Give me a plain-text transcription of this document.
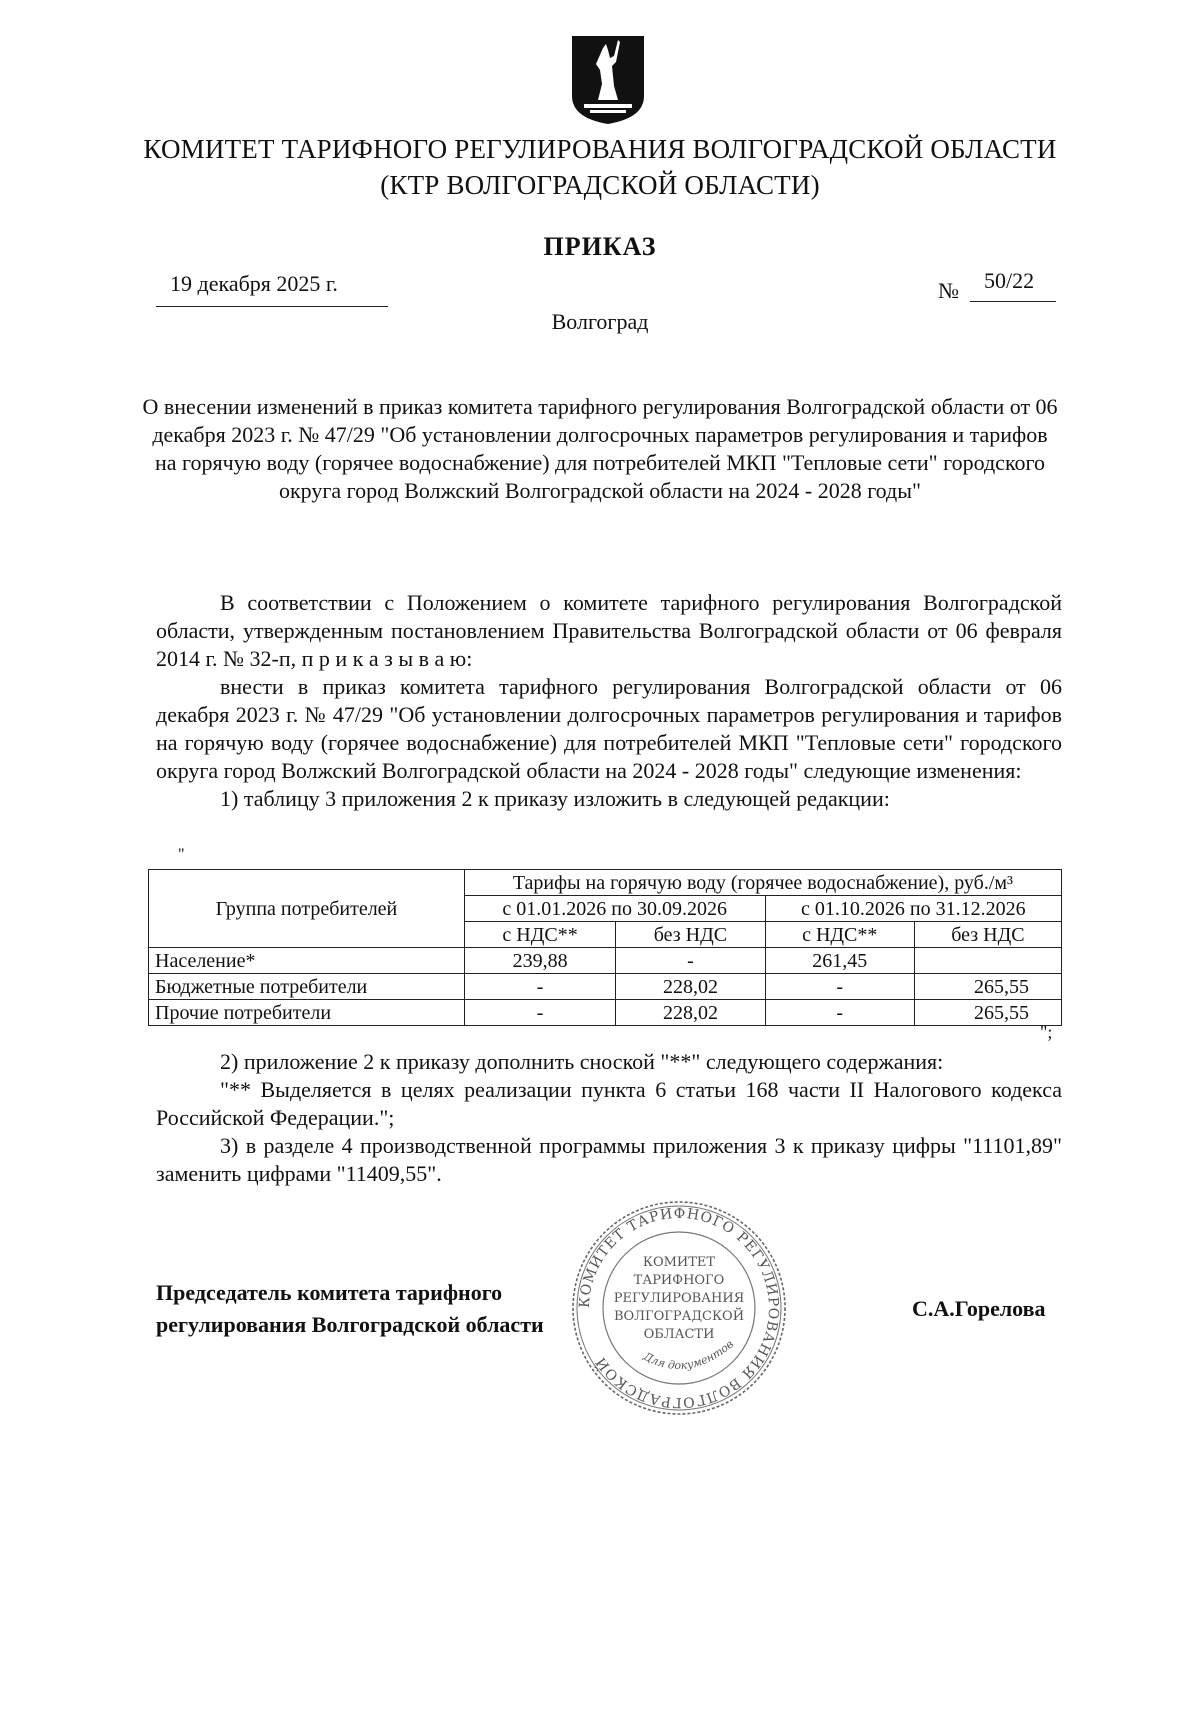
КОМИТЕТ ТАРИФНОГО РЕГУЛИРОВАНИЯ ВОЛГОГРАДСКОЙ ОБЛАСТИ
(КТР ВОЛГОГРАДСКОЙ ОБЛАСТИ)
ПРИКАЗ
19 декабря 2025 г.	№ 50/22
Волгоград
О внесении изменений в приказ комитета тарифного регулирования Волгоградской области от 06 декабря 2023 г. № 47/29 "Об установлении долгосрочных параметров регулирования и тарифов на горячую воду (горячее водоснабжение) для потребителей МКП "Тепловые сети" городского округа город Волжский Волгоградской области на 2024 - 2028 годы"
В соответствии с Положением о комитете тарифного регулирования Волгоградской области, утвержденным постановлением Правительства Волгоградской области от 06 февраля 2014 г. № 32-п, п р и к а з ы в а ю:
внести в приказ комитета тарифного регулирования Волгоградской области от 06 декабря 2023 г. № 47/29 "Об установлении долгосрочных параметров регулирования и тарифов на горячую воду (горячее водоснабжение) для потребителей МКП "Тепловые сети" городского округа город Волжский Волгоградской области на 2024 - 2028 годы" следующие изменения:
1) таблицу 3 приложения 2 к приказу изложить в следующей редакции:
"
Группа потребителей	Тарифы на горячую воду (горячее водоснабжение), руб./м³			
	с 01.01.2026 по 30.09.2026		с 01.10.2026 по 31.12.2026	
	с НДС**	без НДС	с НДС**	без НДС
Население*	239,88	-	261,45	
Бюджетные потребители	-	228,02	-	265,55
Прочие потребители	-	228,02	-	265,55
";
2) приложение 2 к приказу дополнить сноской "**" следующего содержания:
"** Выделяется в целях реализации пункта 6 статьи 168 части II Налогового кодекса Российской Федерации.";
3) в разделе 4 производственной программы приложения 3 к приказу цифры "11101,89" заменить цифрами "11409,55".
Председатель комитета тарифного
регулирования Волгоградской области
КОМИТЕТ ТАРИФНОГО РЕГУЛИРОВАНИЯ ВОЛГОГРАДСКОЙ
КОМИТЕТ
ТАРИФНОГО
РЕГУЛИРОВАНИЯ
ВОЛГОГРАДСКОЙ
ОБЛАСТИ
Для документов
С.А.Горелова
